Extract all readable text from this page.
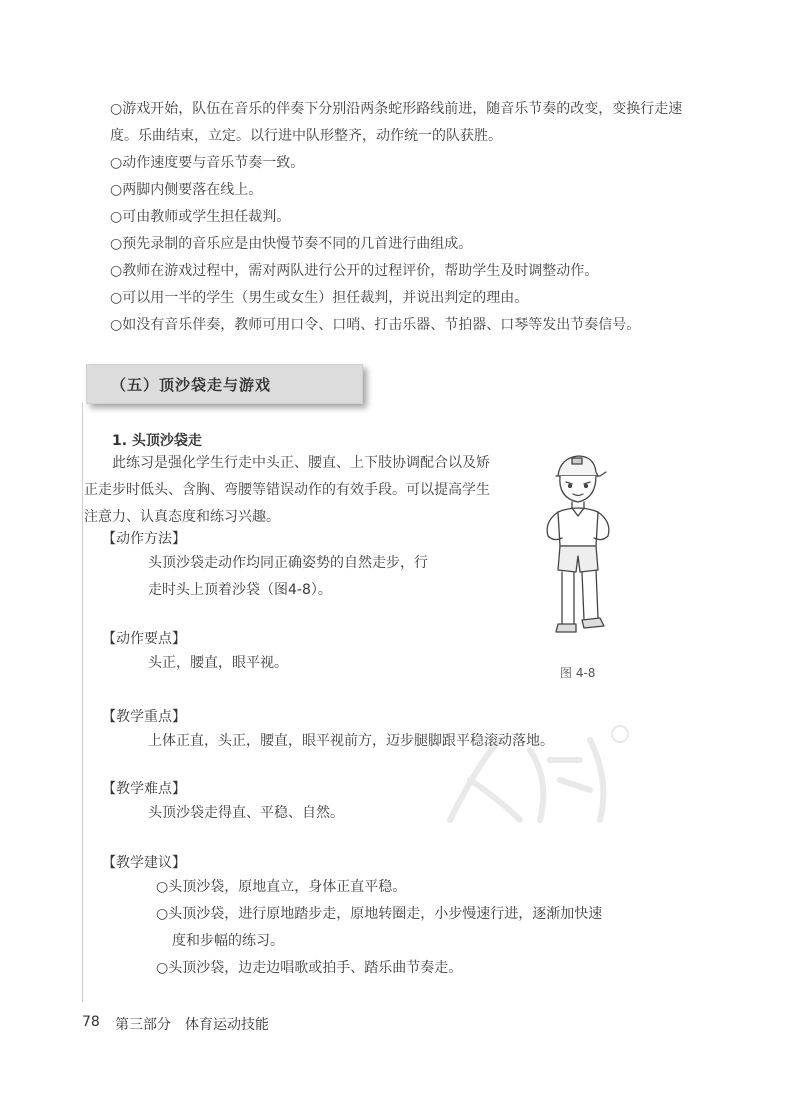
○游戏开始，队伍在音乐的伴奏下分别沿两条蛇形路线前进，随音乐节奏的改变，变换行走速度。乐曲结束，立定。以行进中队形整齐，动作统一的队获胜。

○动作速度要与音乐节奏一致。

○两脚内侧要落在线上。

○可由教师或学生担任裁判。

○预先录制的音乐应是由快慢节奏不同的几首进行曲组成。

○教师在游戏过程中，需对两队进行公开的过程评价，帮助学生及时调整动作。

○可以用一半的学生（男生或女生）担任裁判，并说出判定的理由。

○如没有音乐伴奏，教师可用口令、口哨、打击乐器、节拍器、口琴等发出节奏信号。

（五）顶沙袋走与游戏
1. 头顶沙袋走

此练习是强化学生行走中头正、腰直、上下肢协调配合以及矫正走步时低头、含胸、弯腰等错误动作的有效手段。可以提高学生注意力、认真态度和练习兴趣。

【动作方法】

头顶沙袋走动作均同正确姿势的自然走步，行

走时头上顶着沙袋（图4-8）。

【动作要点】
头正，腰直，眼平视。
【教学重点】
上体正直，头正，腰直，眼平视前方，迈步腿脚跟平稳滚动落地。
【教学难点】
头顶沙袋走得直、平稳、自然。
【教学建议】

○头顶沙袋，原地直立，身体正直平稳。

○头顶沙袋，进行原地踏步走，原地转圈走，小步慢速行进，逐渐加快速

度和步幅的练习。

○头顶沙袋，边走边唱歌或拍手、踏乐曲节奏走。

图 4-8
78 第三部分　体育运动技能
